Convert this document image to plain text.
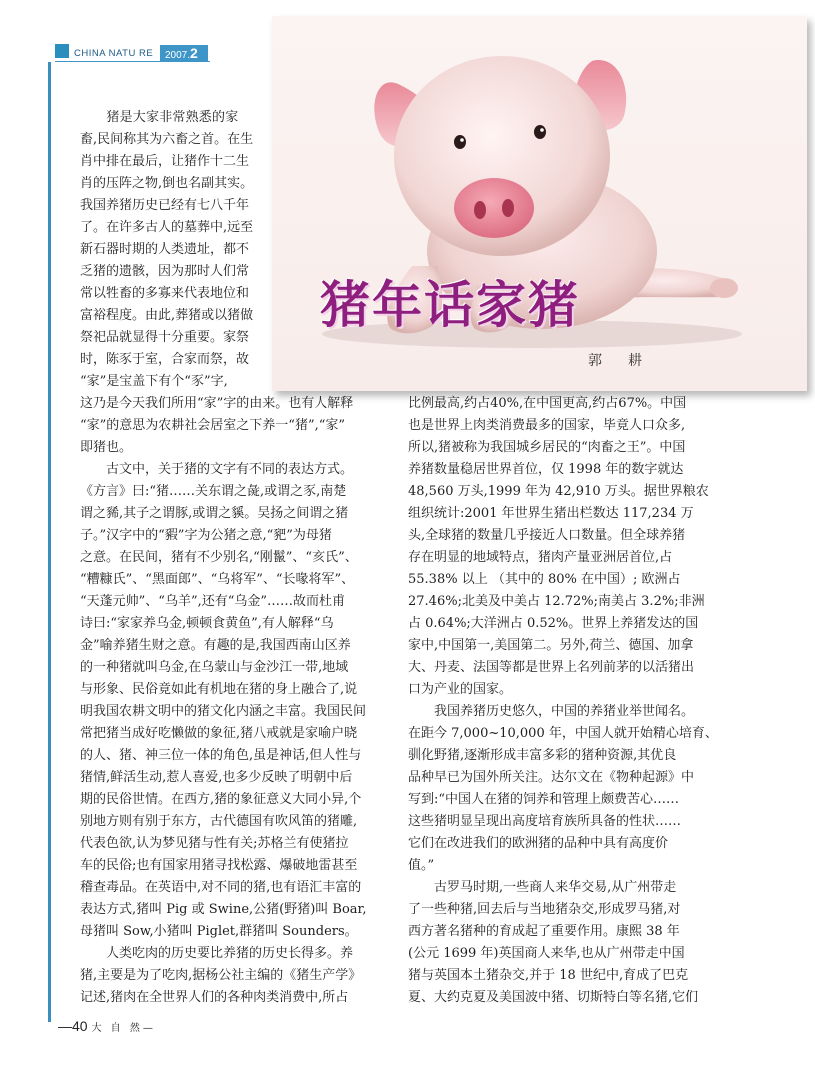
CHINA NATU RE	2007.2
猪年话家猪
郭　耕
　　猪是大家非常熟悉的家
畜,民间称其为六畜之首。在生
肖中排在最后，让猪作十二生
肖的压阵之物,倒也名副其实。
我国养猪历史已经有七八千年
了。在许多古人的墓葬中,远至
新石器时期的人类遗址，都不
乏猪的遗骸，因为那时人们常
常以牲畜的多寡来代表地位和
富裕程度。由此,葬猪或以猪做
祭祀品就显得十分重要。家祭
时，陈豕于室，合家而祭，故
“家”是宝盖下有个“豕”字,
这乃是今天我们所用“家”字的由来。也有人解释
“家”的意思为农耕社会居室之下养一“猪”,“家”
即猪也。
　　古文中，关于猪的文字有不同的表达方式。
《方言》曰:“猪……关东谓之彘,或谓之豕,南楚
谓之豨,其子之谓豚,或谓之貕。吴扬之间谓之猪
子。”汉字中的“豭”字为公猪之意,“豝”为母猪
之意。在民间，猪有不少别名,“刚鬣”、“亥氏”、
“糟糠氏”、“黑面郎”、“乌将军”、“长喙将军”、
“天蓬元帅”、“乌羊”,还有“乌金”……故而杜甫
诗曰:“家家养乌金,顿顿食黄鱼”,有人解释“乌
金”喻养猪生财之意。有趣的是,我国西南山区养
的一种猪就叫乌金,在乌蒙山与金沙江一带,地域
与形象、民俗竟如此有机地在猪的身上融合了,说
明我国农耕文明中的猪文化内涵之丰富。我国民间
常把猪当成好吃懒做的象征,猪八戒就是家喻户晓
的人、猪、神三位一体的角色,虽是神话,但人性与
猪情,鲜活生动,惹人喜爱,也多少反映了明朝中后
期的民俗世情。在西方,猪的象征意义大同小异,个
别地方则有别于东方，古代德国有吹风笛的猪雕,
代表色欲,认为梦见猪与性有关;苏格兰有使猪拉
车的民俗;也有国家用猪寻找松露、爆破地雷甚至
稽查毒品。在英语中,对不同的猪,也有语汇丰富的
表达方式,猪叫 Pig 或 Swine,公猪(野猪)叫 Boar,
母猪叫 Sow,小猪叫 Piglet,群猪叫 Sounders。
　　人类吃肉的历史要比养猪的历史长得多。养
猪,主要是为了吃肉,据杨公社主编的《猪生产学》
记述,猪肉在全世界人们的各种肉类消费中,所占
比例最高,约占40%,在中国更高,约占67%。中国
也是世界上肉类消费最多的国家，毕竟人口众多,
所以,猪被称为我国城乡居民的“肉畜之王”。中国
养猪数量稳居世界首位，仅 1998 年的数字就达
48,560 万头,1999 年为 42,910 万头。据世界粮农
组织统计:2001 年世界生猪出栏数达 117,234 万
头,全球猪的数量几乎接近人口数量。但全球养猪
存在明显的地域特点，猪肉产量亚洲居首位,占
55.38% 以上 （其中的 80% 在中国）; 欧洲占
27.46%;北美及中美占 12.72%;南美占 3.2%;非洲
占 0.64%;大洋洲占 0.52%。世界上养猪发达的国
家中,中国第一,美国第二。另外,荷兰、德国、加拿
大、丹麦、法国等都是世界上名列前茅的以活猪出
口为产业的国家。
　　我国养猪历史悠久，中国的养猪业举世闻名。
在距今 7,000~10,000 年，中国人就开始精心培育、
驯化野猪,逐渐形成丰富多彩的猪种资源,其优良
品种早已为国外所关注。达尔文在《物种起源》中
写到:“中国人在猪的饲养和管理上颇费苦心……
这些猪明显呈现出高度培育族所具备的性状……
它们在改进我们的欧洲猪的品种中具有高度价
值。”
　　古罗马时期,一些商人来华交易,从广州带走
了一些种猪,回去后与当地猪杂交,形成罗马猪,对
西方著名猪种的育成起了重要作用。康熙 38 年
(公元 1699 年)英国商人来华,也从广州带走中国
猪与英国本土猪杂交,并于 18 世纪中,育成了巴克
夏、大约克夏及美国波中猪、切斯特白等名猪,它们
—40 大 自 然—
